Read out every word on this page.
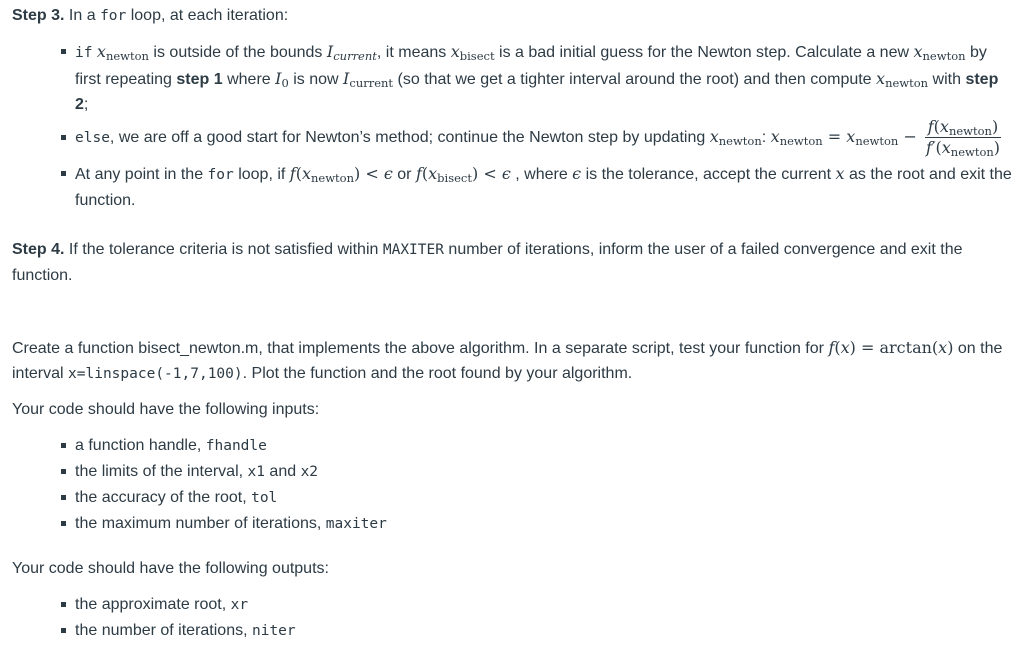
Step 3. In a for loop, at each iteration:

if $x_{newton}$ is outside of the bounds $I_{current}$, it means $x_{bisect}$ is a bad initial guess for the Newton step. Calculate a new $x_{newton}$ by first repeating step 1 where $I_0$ is now $I_{current}$ (so that we get a tighter interval around the root) and then compute $x_{newton}$ with step 2;
else, we are off a good start for Newton’s method; continue the Newton step by updating $x_{newton}$: $x_{newton} = x_{newton} - \frac{f(x_{newton})}{f'(x_{newton})}$
At any point in the for loop, if $f(x_{newton}) < \epsilon$ or $f(x_{bisect}) < \epsilon$ , where ϵ is the tolerance, accept the current x as the root and exit the function.

Step 4. If the tolerance criteria is not satisfied within MAXITER number of iterations, inform the user of a failed convergence and exit the function.

Create a function bisect_newton.m, that implements the above algorithm. In a separate script, test your function for f(x) = arctan(x) on the interval x=linspace(-1,7,100). Plot the function and the root found by your algorithm.

Your code should have the following inputs:

a function handle, fhandle
the limits of the interval, x1 and x2
the accuracy of the root, tol
the maximum number of iterations, maxiter

Your code should have the following outputs:

the approximate root, xr
the number of iterations, niter
